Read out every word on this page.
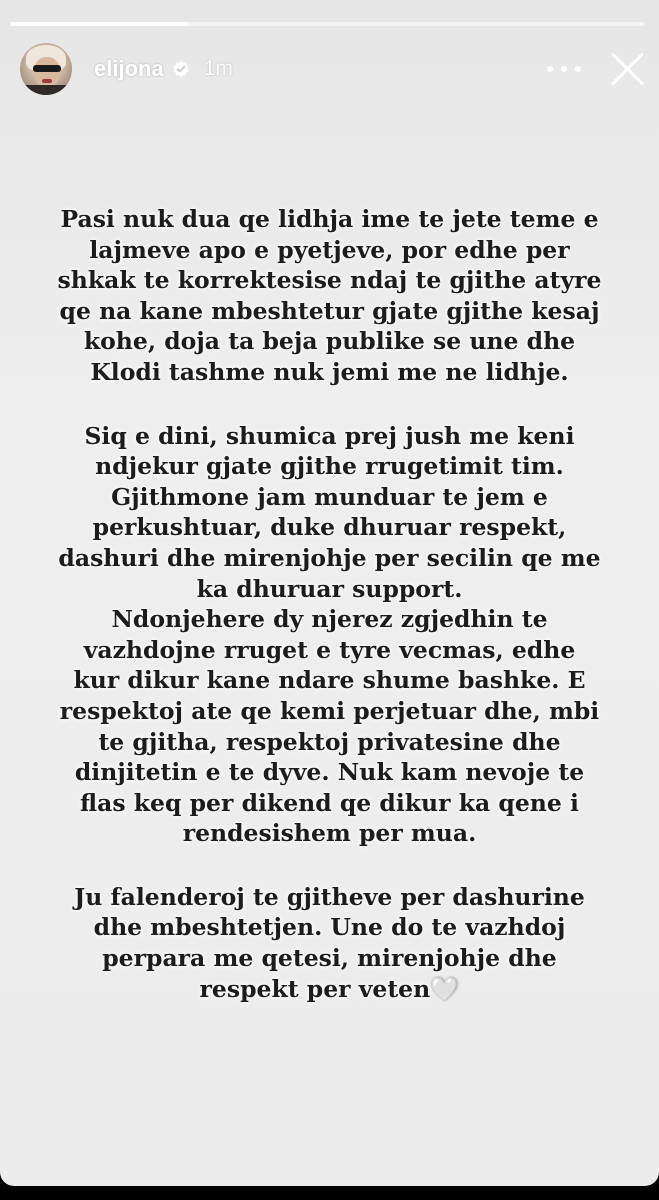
elijona 1m

Pasi nuk dua qe lidhja ime te jete teme e

lajmeve apo e pyetjeve, por edhe per

shkak te korrektesise ndaj te gjithe atyre

qe na kane mbeshtetur gjate gjithe kesaj

kohe, doja ta beja publike se une dhe

Klodi tashme nuk jemi me ne lidhje.

Siq e dini, shumica prej jush me keni

ndjekur gjate gjithe rrugetimit tim.

Gjithmone jam munduar te jem e

perkushtuar, duke dhuruar respekt,

dashuri dhe mirenjohje per secilin qe me

ka dhuruar support.

Ndonjehere dy njerez zgjedhin te

vazhdojne rruget e tyre vecmas, edhe

kur dikur kane ndare shume bashke. E

respektoj ate qe kemi perjetuar dhe, mbi

te gjitha, respektoj privatesine dhe

dinjitetin e te dyve. Nuk kam nevoje te

flas keq per dikend qe dikur ka qene i

rendesishem per mua.

Ju falenderoj te gjitheve per dashurine

dhe mbeshtetjen. Une do te vazhdoj

perpara me qetesi, mirenjohje dhe

respekt per veten🤍
